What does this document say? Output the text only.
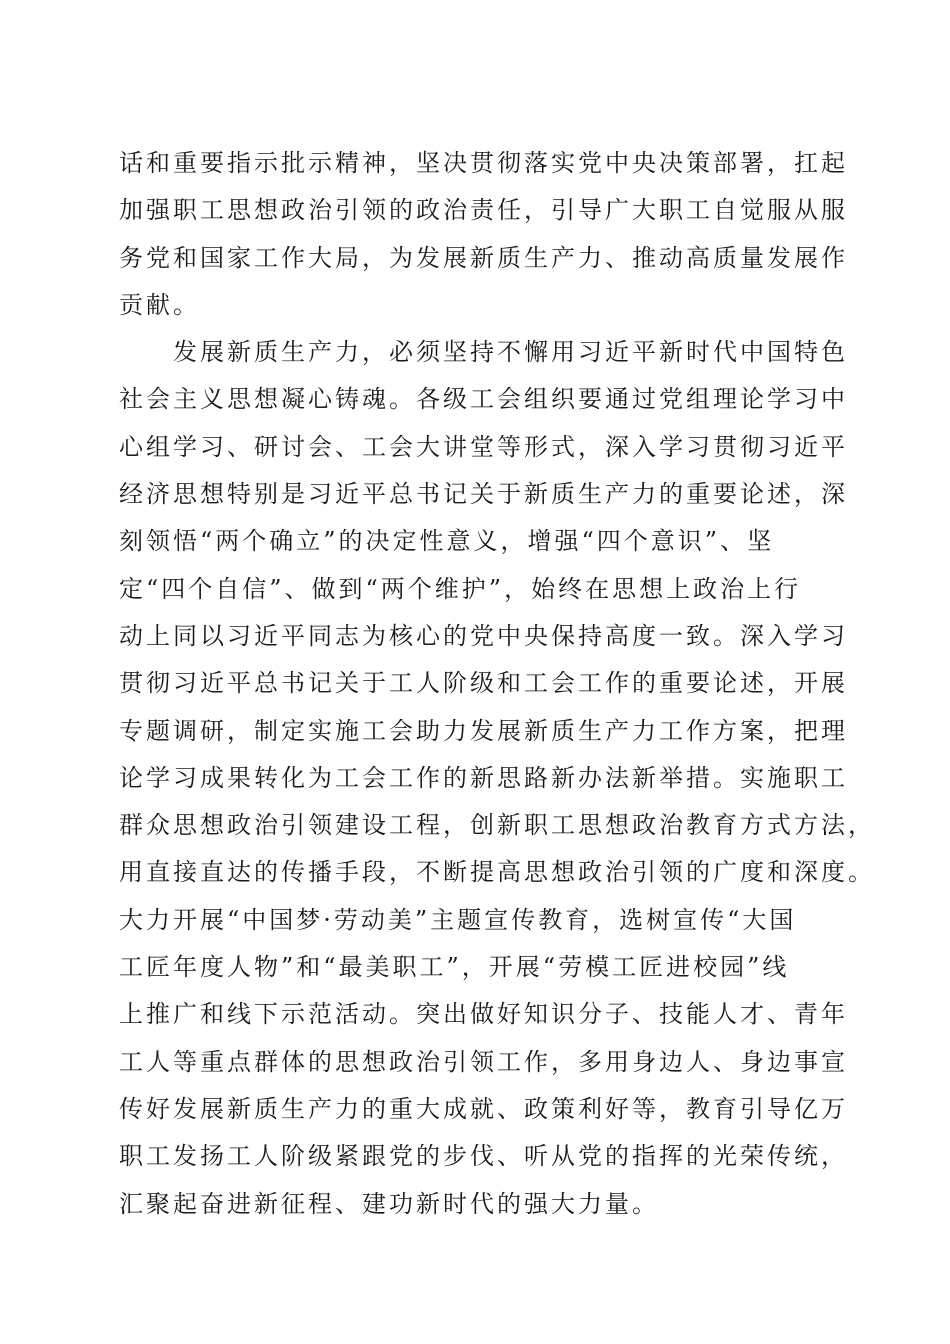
话和重要指示批示精神，坚决贯彻落实党中央决策部署，扛起
加强职工思想政治引领的政治责任，引导广大职工自觉服从服
务党和国家工作大局，为发展新质生产力、推动高质量发展作
贡献。
发展新质生产力，必须坚持不懈用习近平新时代中国特色
社会主义思想凝心铸魂。各级工会组织要通过党组理论学习中
心组学习、研讨会、工会大讲堂等形式，深入学习贯彻习近平
经济思想特别是习近平总书记关于新质生产力的重要论述，深
刻领悟“两个确立”的决定性意义，增强“四个意识”、坚
定“四个自信”、做到“两个维护”，始终在思想上政治上行
动上同以习近平同志为核心的党中央保持高度一致。深入学习
贯彻习近平总书记关于工人阶级和工会工作的重要论述，开展
专题调研，制定实施工会助力发展新质生产力工作方案，把理
论学习成果转化为工会工作的新思路新办法新举措。实施职工
群众思想政治引领建设工程，创新职工思想政治教育方式方法，
用直接直达的传播手段，不断提高思想政治引领的广度和深度。
大力开展“中国梦·劳动美”主题宣传教育，选树宣传“大国
工匠年度人物”和“最美职工”，开展“劳模工匠进校园”线
上推广和线下示范活动。突出做好知识分子、技能人才、青年
工人等重点群体的思想政治引领工作，多用身边人、身边事宣
传好发展新质生产力的重大成就、政策利好等，教育引导亿万
职工发扬工人阶级紧跟党的步伐、听从党的指挥的光荣传统，
汇聚起奋进新征程、建功新时代的强大力量。
